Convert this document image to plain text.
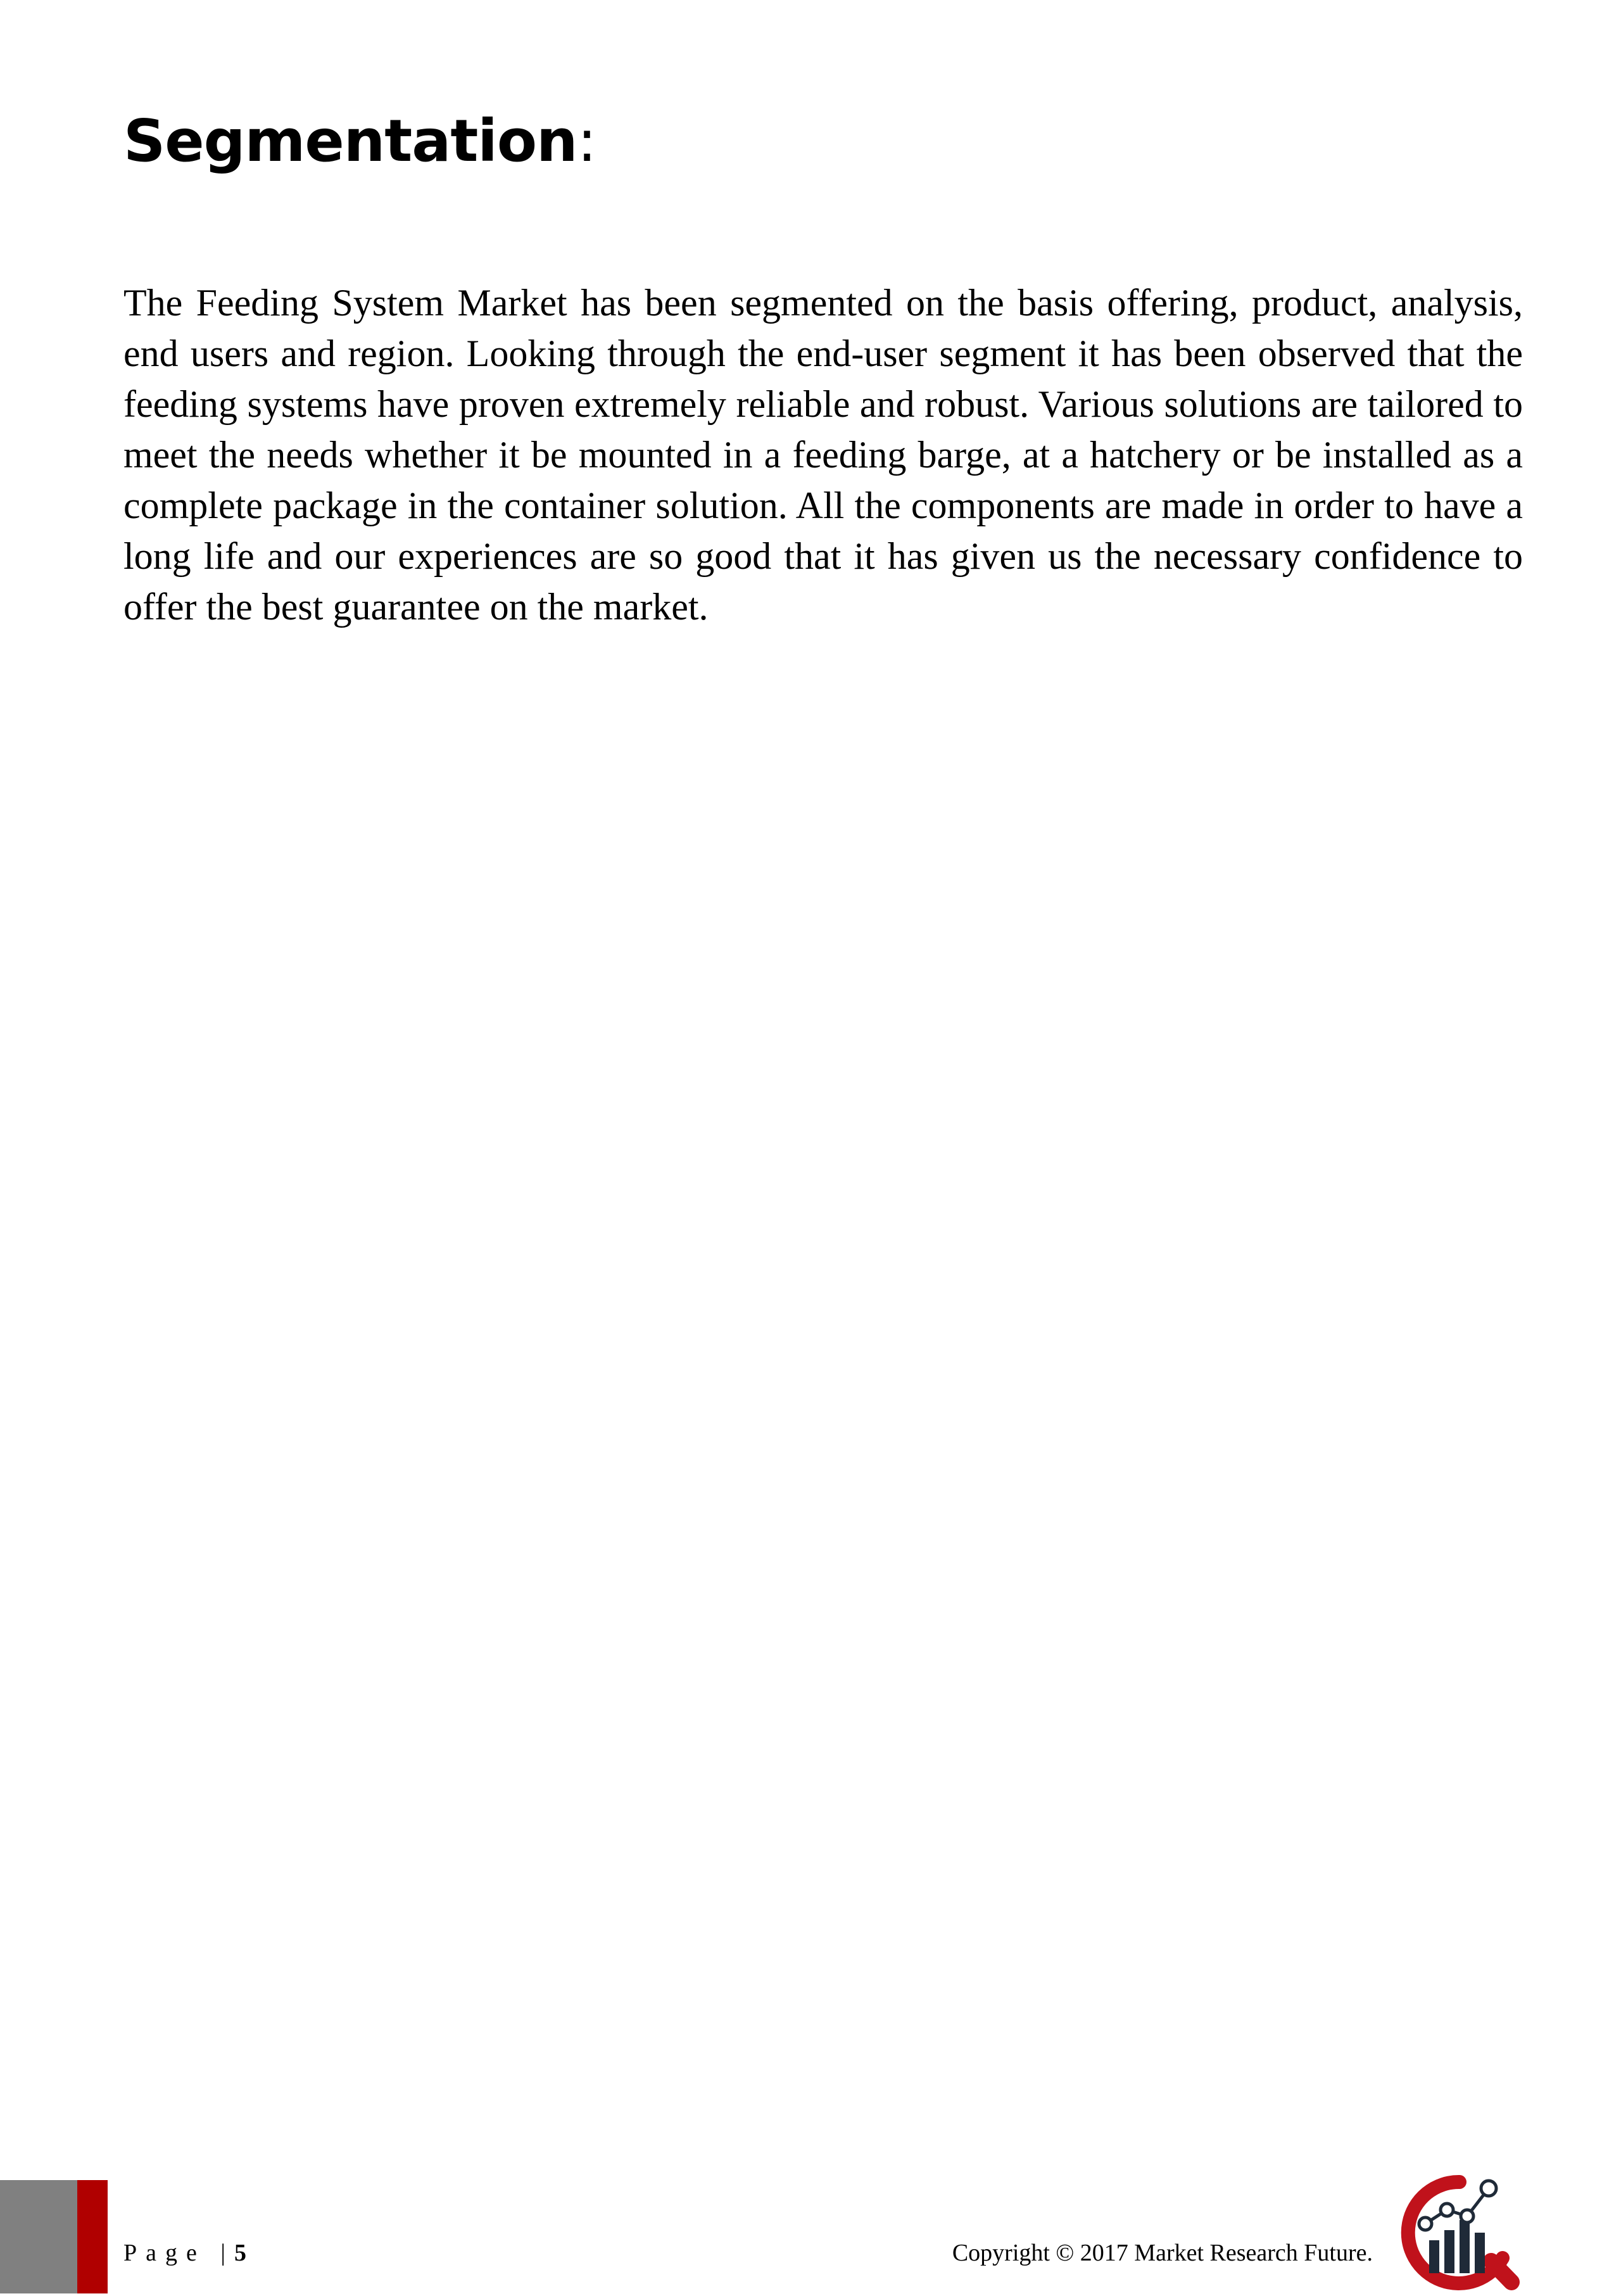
Segmentation:

The Feeding System Market has been segmented on the basis offering, product, analysis, end users and region. Looking through the end-user segment it has been observed that the feeding systems have proven extremely reliable and robust. Various solutions are tailored to meet the needs whether it be mounted in a feeding barge, at a hatchery or be installed as a complete package in the container solution. All the components are made in order to have a long life and our experiences are so good that it has given us the necessary confidence to offer the best guarantee on the market.

Page |5	Copyright © 2017 Market Research Future.
